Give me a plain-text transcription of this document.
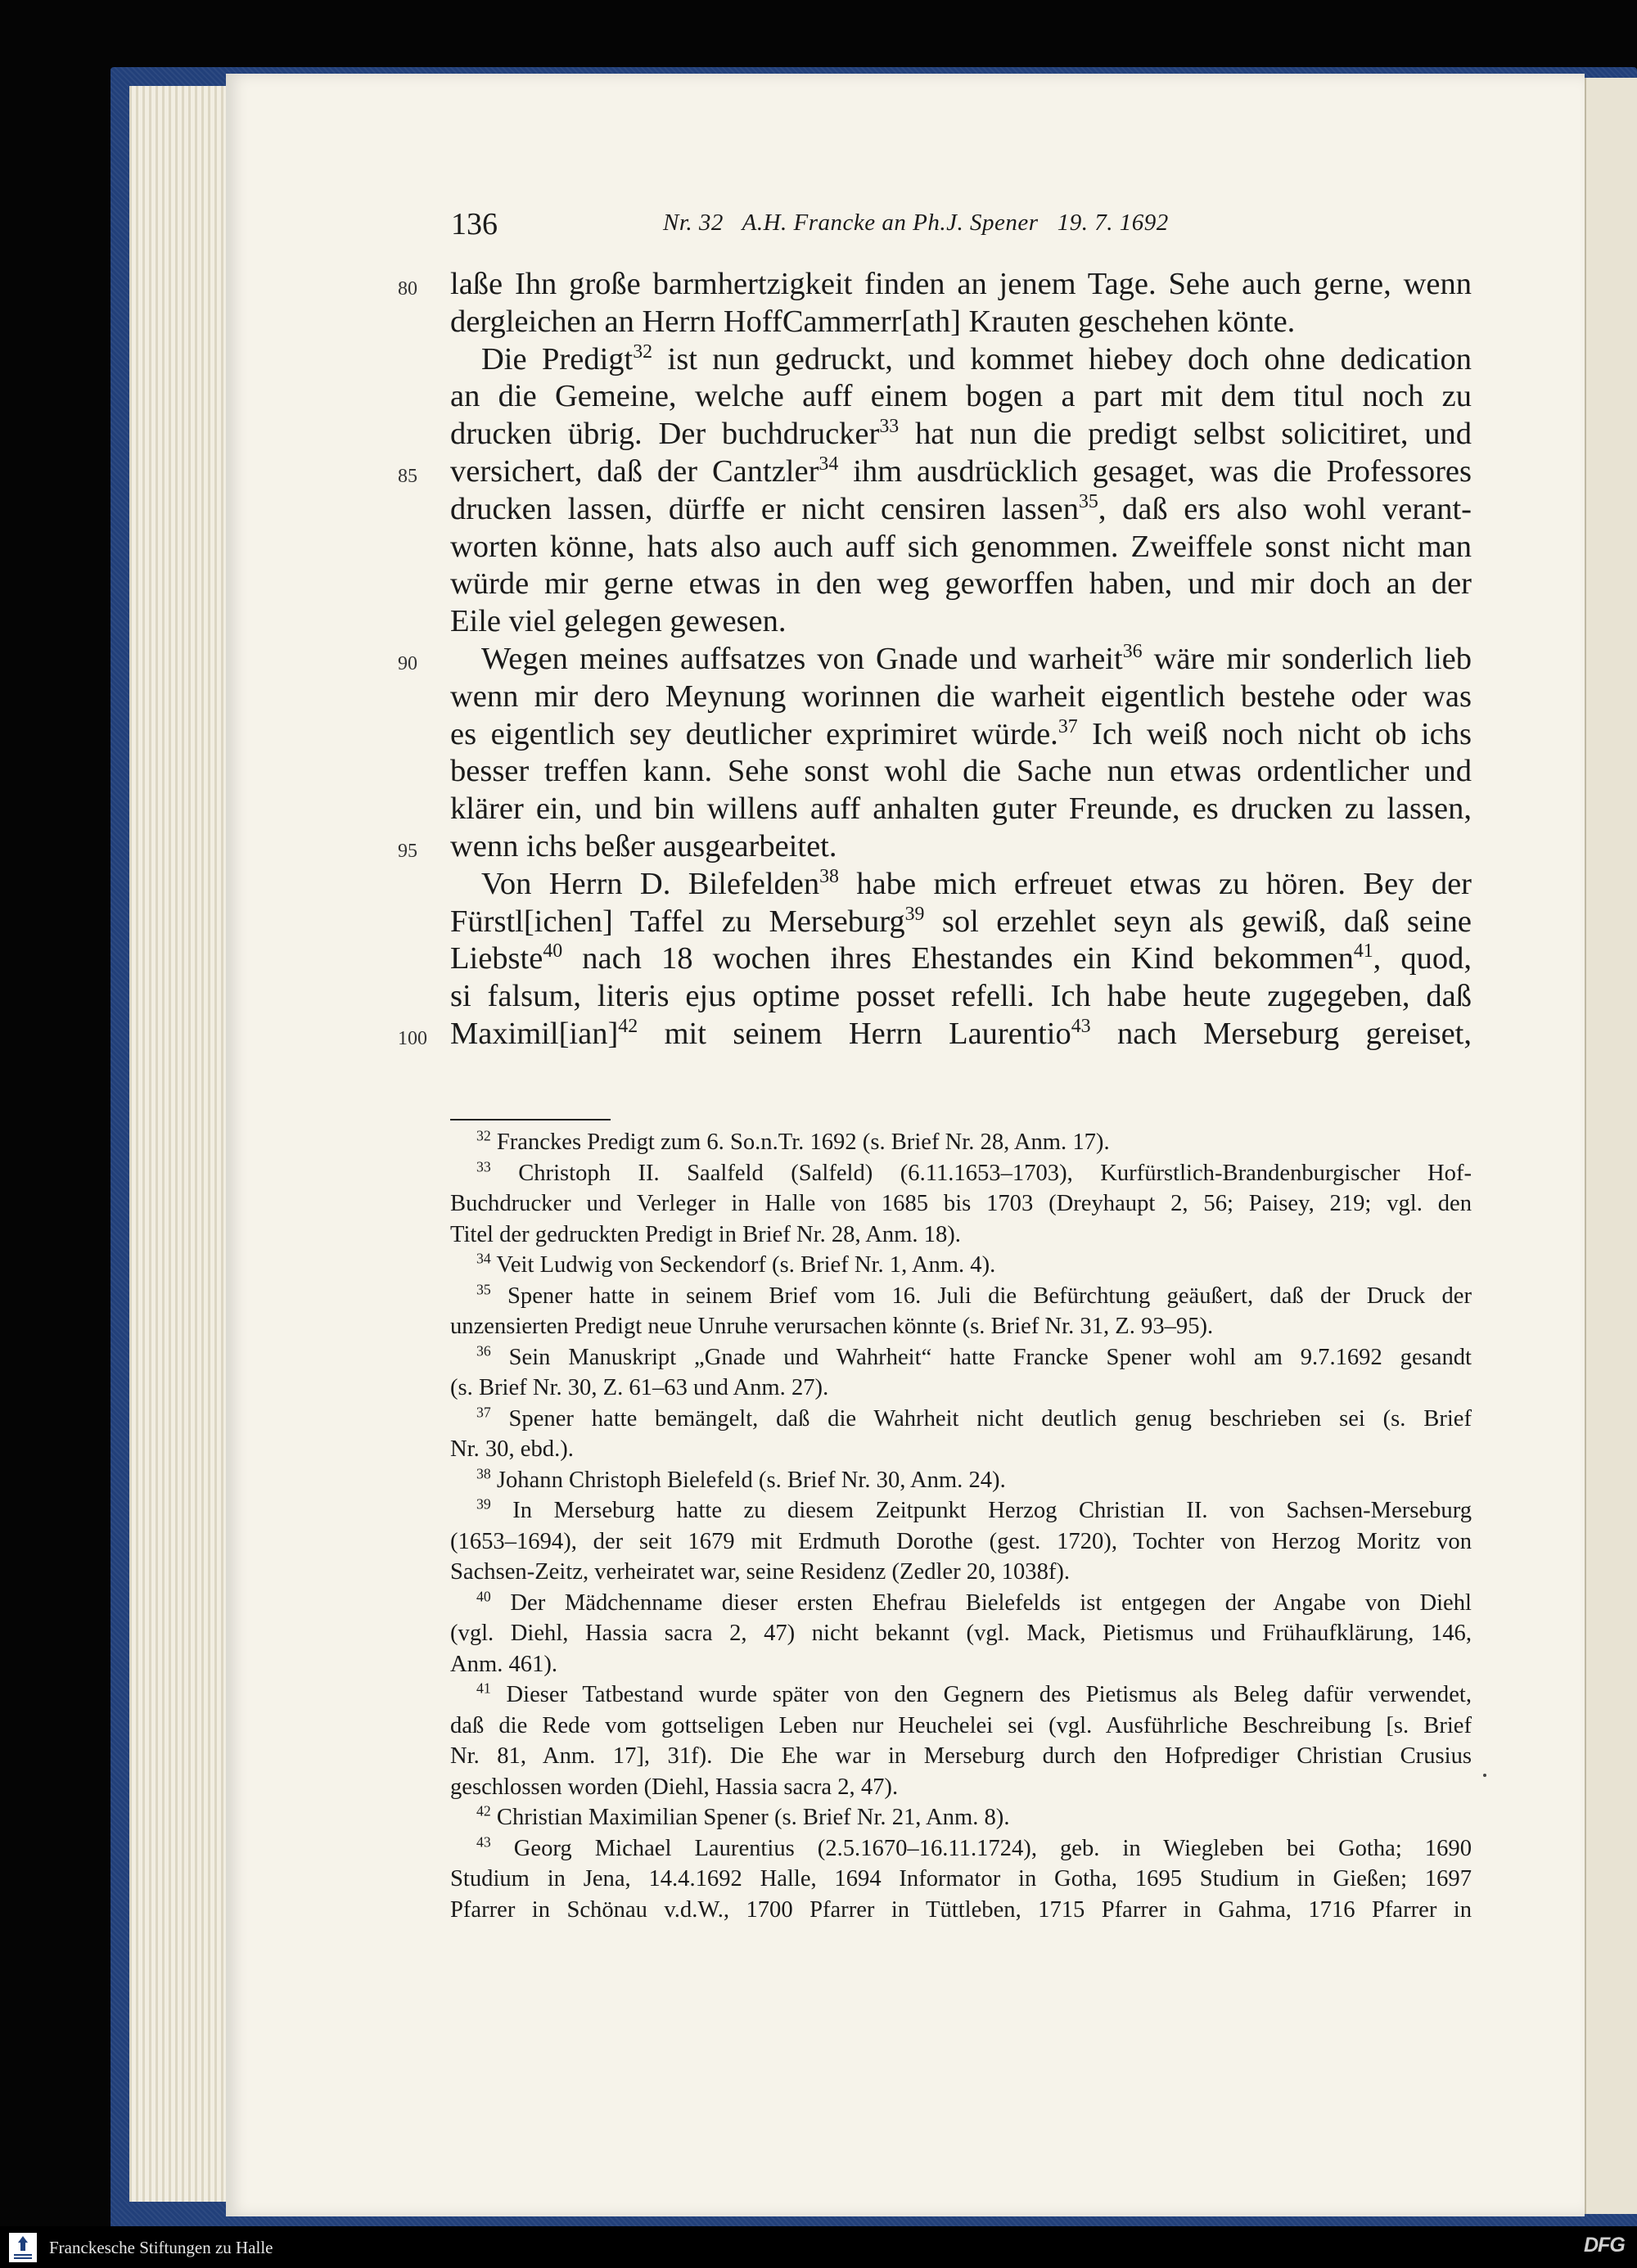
136	Nr. 32   A.H. Francke an Ph.J. Spener   19. 7. 1692
80
85
90
95
100
laße Ihn große barmhertzigkeit finden an jenem Tage. Sehe auch gerne, wenn
dergleichen an Herrn HoffCammerr[ath] Krauten geschehen könte.
Die Predigt$^{32}$ ist nun gedruckt, und kommet hiebey doch ohne dedication
an die Gemeine, welche auff einem bogen a part mit dem titul noch zu
drucken übrig. Der buchdrucker$^{33}$ hat nun die predigt selbst solicitiret, und
versichert, daß der Cantzler$^{34}$ ihm ausdrücklich gesaget, was die Professores
drucken lassen, dürffe er nicht censiren lassen$^{35}$, daß ers also wohl verant-
worten könne, hats also auch auff sich genommen. Zweiffele sonst nicht man
würde mir gerne etwas in den weg geworffen haben, und mir doch an der
Eile viel gelegen gewesen.
Wegen meines auffsatzes von Gnade und warheit$^{36}$ wäre mir sonderlich lieb
wenn mir dero Meynung worinnen die warheit eigentlich bestehe oder was
es eigentlich sey deutlicher exprimiret würde.$^{37}$ Ich weiß noch nicht ob ichs
besser treffen kann. Sehe sonst wohl die Sache nun etwas ordentlicher und
klärer ein, und bin willens auff anhalten guter Freunde, es drucken zu lassen,
wenn ichs beßer ausgearbeitet.
Von Herrn D. Bilefelden$^{38}$ habe mich erfreuet etwas zu hören. Bey der
Fürstl[ichen] Taffel zu Merseburg$^{39}$ sol erzehlet seyn als gewiß, daß seine
Liebste$^{40}$ nach 18 wochen ihres Ehestandes ein Kind bekommen$^{41}$, quod,
si falsum, literis ejus optime posset refelli. Ich habe heute zugegeben, daß
Maximil[ian]$^{42}$ mit seinem Herrn Laurentio$^{43}$ nach Merseburg gereiset,
$^{32}$ Franckes Predigt zum 6. So.n.Tr. 1692 (s. Brief Nr. 28, Anm. 17).
$^{33}$ Christoph II. Saalfeld (Salfeld) (6.11.1653–1703), Kurfürstlich-Brandenburgischer Hof-
Buchdrucker und Verleger in Halle von 1685 bis 1703 (Dreyhaupt 2, 56; Paisey, 219; vgl. den
Titel der gedruckten Predigt in Brief Nr. 28, Anm. 18).
$^{34}$ Veit Ludwig von Seckendorf (s. Brief Nr. 1, Anm. 4).
$^{35}$ Spener hatte in seinem Brief vom 16. Juli die Befürchtung geäußert, daß der Druck der
unzensierten Predigt neue Unruhe verursachen könnte (s. Brief Nr. 31, Z. 93–95).
$^{36}$ Sein Manuskript „Gnade und Wahrheit“ hatte Francke Spener wohl am 9.7.1692 gesandt
(s. Brief Nr. 30, Z. 61–63 und Anm. 27).
$^{37}$ Spener hatte bemängelt, daß die Wahrheit nicht deutlich genug beschrieben sei (s. Brief
Nr. 30, ebd.).
$^{38}$ Johann Christoph Bielefeld (s. Brief Nr. 30, Anm. 24).
$^{39}$ In Merseburg hatte zu diesem Zeitpunkt Herzog Christian II. von Sachsen-Merseburg
(1653–1694), der seit 1679 mit Erdmuth Dorothe (gest. 1720), Tochter von Herzog Moritz von
Sachsen-Zeitz, verheiratet war, seine Residenz (Zedler 20, 1038f).
$^{40}$ Der Mädchenname dieser ersten Ehefrau Bielefelds ist entgegen der Angabe von Diehl
(vgl. Diehl, Hassia sacra 2, 47) nicht bekannt (vgl. Mack, Pietismus und Frühaufklärung, 146,
Anm. 461).
$^{41}$ Dieser Tatbestand wurde später von den Gegnern des Pietismus als Beleg dafür verwendet,
daß die Rede vom gottseligen Leben nur Heuchelei sei (vgl. Ausführliche Beschreibung [s. Brief
Nr. 81, Anm. 17], 31f). Die Ehe war in Merseburg durch den Hofprediger Christian Crusius
geschlossen worden (Diehl, Hassia sacra 2, 47).
$^{42}$ Christian Maximilian Spener (s. Brief Nr. 21, Anm. 8).
$^{43}$ Georg Michael Laurentius (2.5.1670–16.11.1724), geb. in Wiegleben bei Gotha; 1690
Studium in Jena, 14.4.1692 Halle, 1694 Informator in Gotha, 1695 Studium in Gießen; 1697
Pfarrer in Schönau v.d.W., 1700 Pfarrer in Tüttleben, 1715 Pfarrer in Gahma, 1716 Pfarrer in
Franckesche Stiftungen zu Halle	DFG
